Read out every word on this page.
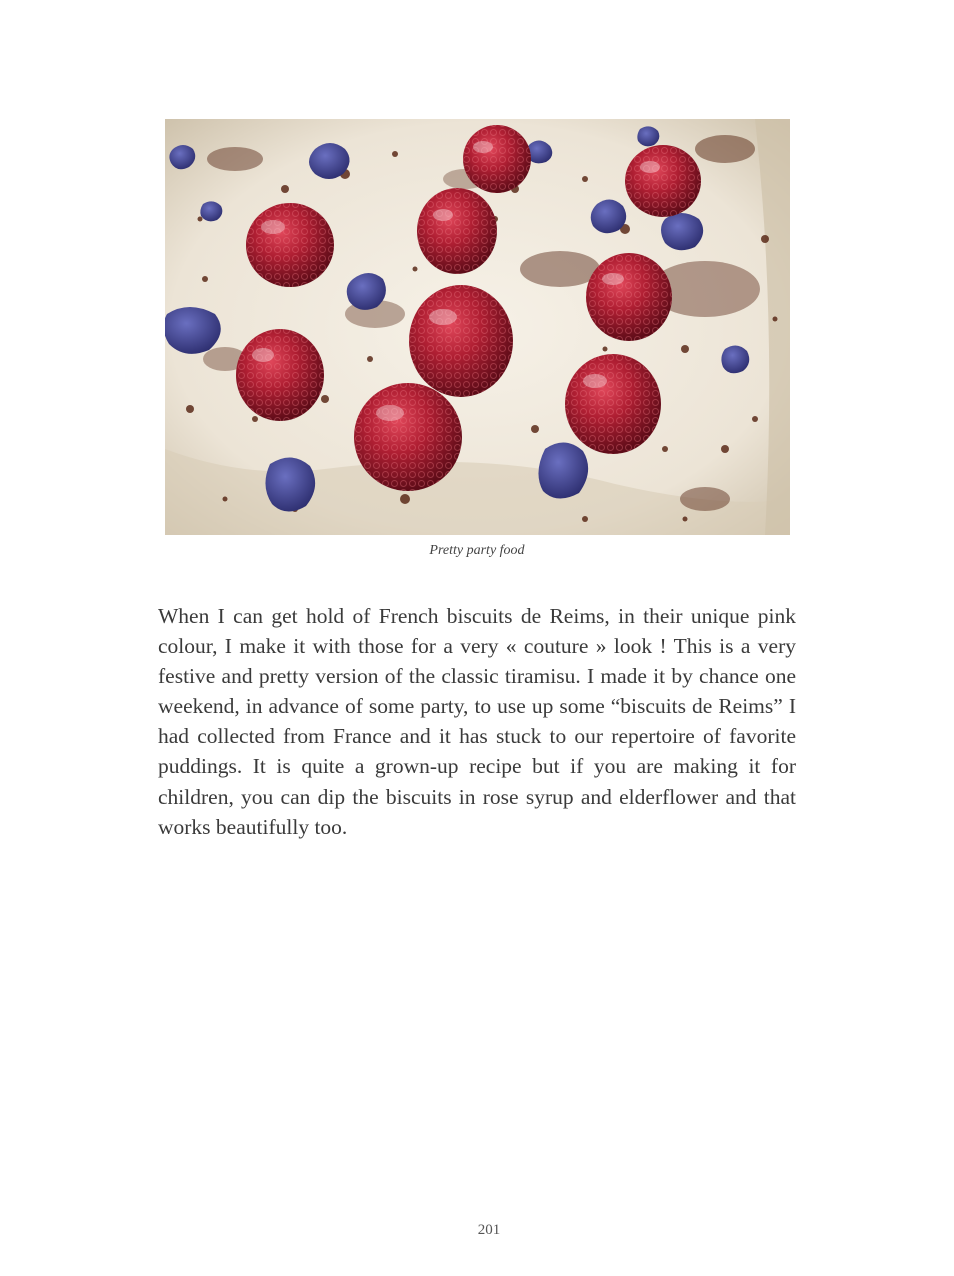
Pretty party food

When I can get hold of French biscuits de Reims, in their unique pink colour, I make it with those for a very « couture » look ! This is a very festive and pretty version of the classic tiramisu. I made it by chance one weekend, in advance of some party, to use up some “biscuits de Reims” I had collected from France and it has stuck to our repertoire of favorite puddings. It is quite a grown-up recipe but if you are making it for children, you can dip the biscuits in rose syrup and elderflower and that works beautifully too.

201
